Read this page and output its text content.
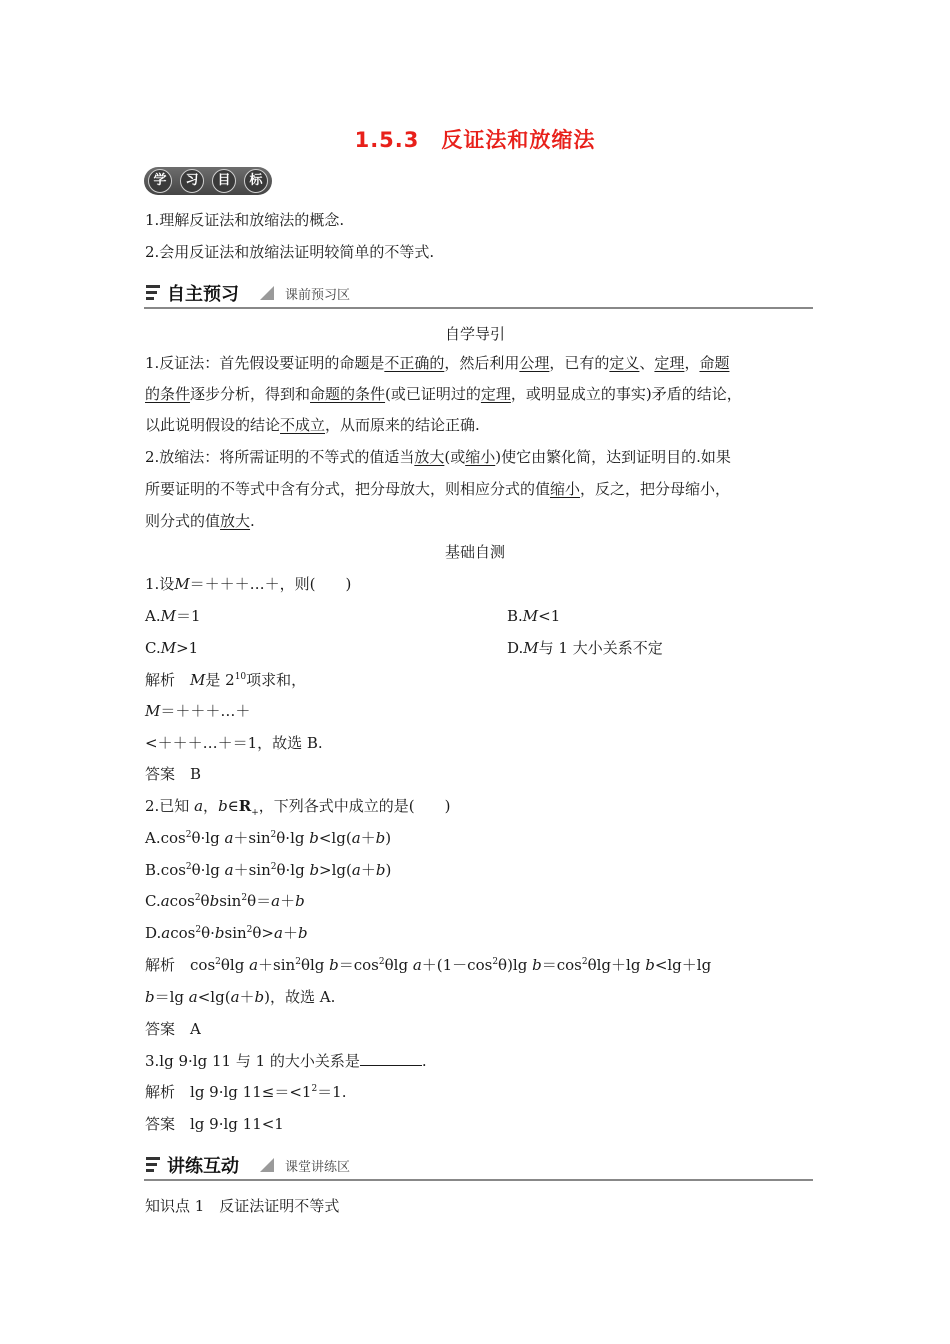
1.5.3　反证法和放缩法
学	习	目	标
1.理解反证法和放缩法的概念.
2.会用反证法和放缩法证明较简单的不等式.
自主预习	课前预习区
自学导引
1.反证法：首先假设要证明的命题是不正确的，然后利用公理，已有的定义、定理，命题
的条件逐步分析，得到和命题的条件(或已证明过的定理，或明显成立的事实)矛盾的结论，
以此说明假设的结论不成立，从而原来的结论正确.
2.放缩法：将所需证明的不等式的值适当放大(或缩小)使它由繁化简，达到证明目的.如果
所要证明的不等式中含有分式，把分母放大，则相应分式的值缩小，反之，把分母缩小，
则分式的值放大.
基础自测
1.设M＝＋＋＋…＋，则(　　)
A.M＝1	B.M<1
C.M>1	D.M与 1 大小关系不定
解析　M是 $2^{10}$项求和，
M＝＋＋＋…＋
<＋＋＋…＋＝1，故选 B.
答案　B
2.已知 a，$b\in R_+$，下列各式中成立的是(　　)
$A.\cos^2\theta\cdot\lg$ $a+\sin^2\theta\cdot\lg$ b<lg(a＋b)
$B.\cos^2\theta\cdot\lg$ $a+\sin^2\theta\cdot\lg$ b>lg(a＋b)
C.acos$^2$θbsin$^2$θ＝a＋b
D.acos$^2$θ·bsin$^2$θ>a＋b
解析　$\cos^2\theta\lg$ $a+\sin^2\theta\lg$ $b=\cos^2\theta\lg$ $a+(1-\cos^2\theta)\lg$ $b=\cos^2\theta\lg+\lg$ b<lg＋lg
b＝lg a<lg(a＋b)，故选 A.
答案　A
3.lg 9·lg 11 与 1 的大小关系是	.
解析　lg 9·lg $11\le=<1^2=1$.
答案　lg 9·lg 11<1
讲练互动	课堂讲练区
知识点 1　反证法证明不等式
